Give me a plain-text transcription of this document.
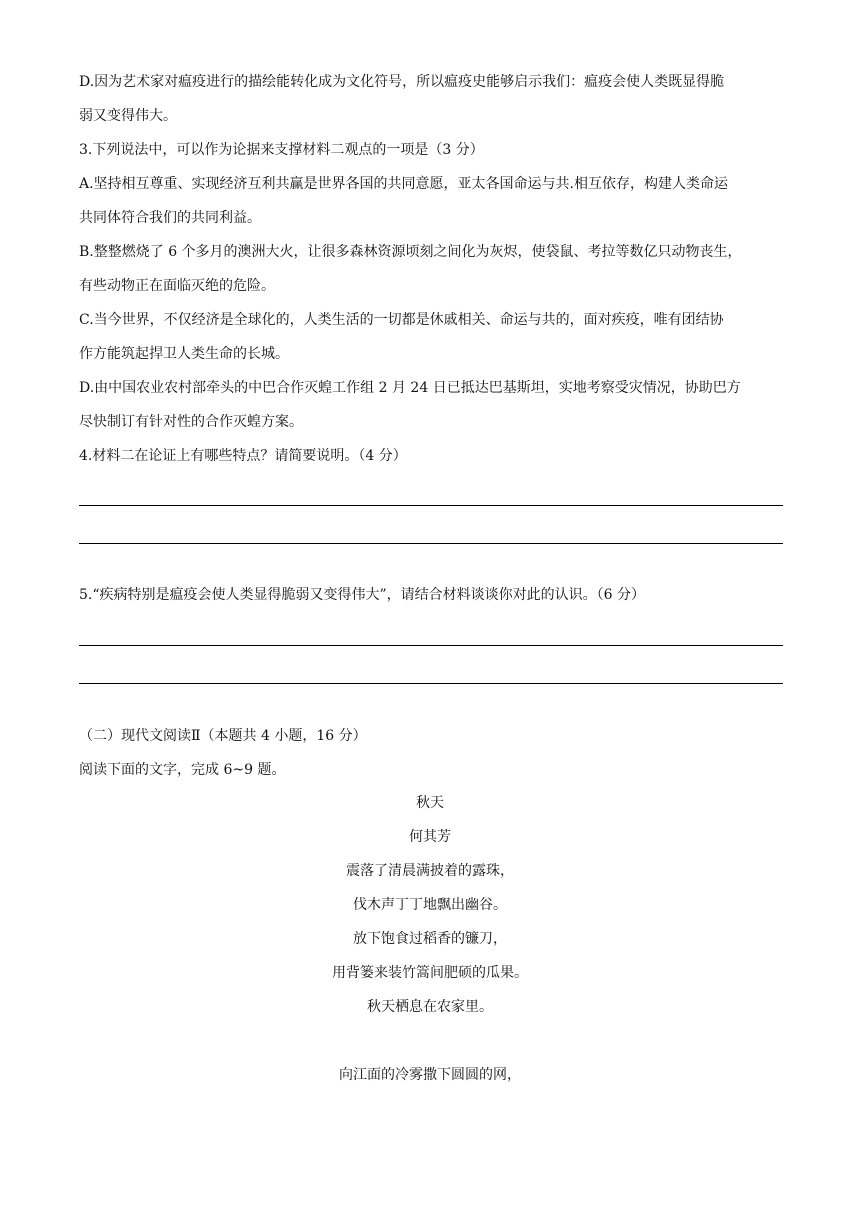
D.因为艺术家对瘟疫进行的描绘能转化成为文化符号，所以瘟疫史能够启示我们：瘟疫会使人类既显得脆
弱又变得伟大。
3.下列说法中，可以作为论据来支撑材料二观点的一项是（3 分）
A.坚持相互尊重、实现经济互利共赢是世界各国的共同意愿，亚太各国命运与共.相互依存，构建人类命运
共同体符合我们的共同利益。
B.整整燃烧了 6 个多月的澳洲大火，让很多森林资源顷刻之间化为灰烬，使袋鼠、考拉等数亿只动物丧生，
有些动物正在面临灭绝的危险。
C.当今世界，不仅经济是全球化的，人类生活的一切都是休戚相关、命运与共的，面对疾疫，唯有团结协
作方能筑起捍卫人类生命的长城。
D.由中国农业农村部牵头的中巴合作灭蝗工作组 2 月 24 日已抵达巴基斯坦，实地考察受灾情况，协助巴方
尽快制订有针对性的合作灭蝗方案。
4.材料二在论证上有哪些特点？请简要说明。（4 分）
5.“疾病特别是瘟疫会使人类显得脆弱又变得伟大”，请结合材料谈谈你对此的认识。（6 分）
（二）现代文阅读Ⅱ（本题共 4 小题，16 分）
阅读下面的文字，完成 6~9 题。
秋天
何其芳
震落了清晨满披着的露珠，
伐木声丁丁地飘出幽谷。
放下饱食过稻香的镰刀，
用背篓来装竹篙间肥硕的瓜果。
秋天栖息在农家里。
向江面的冷雾撒下圆圆的网，
